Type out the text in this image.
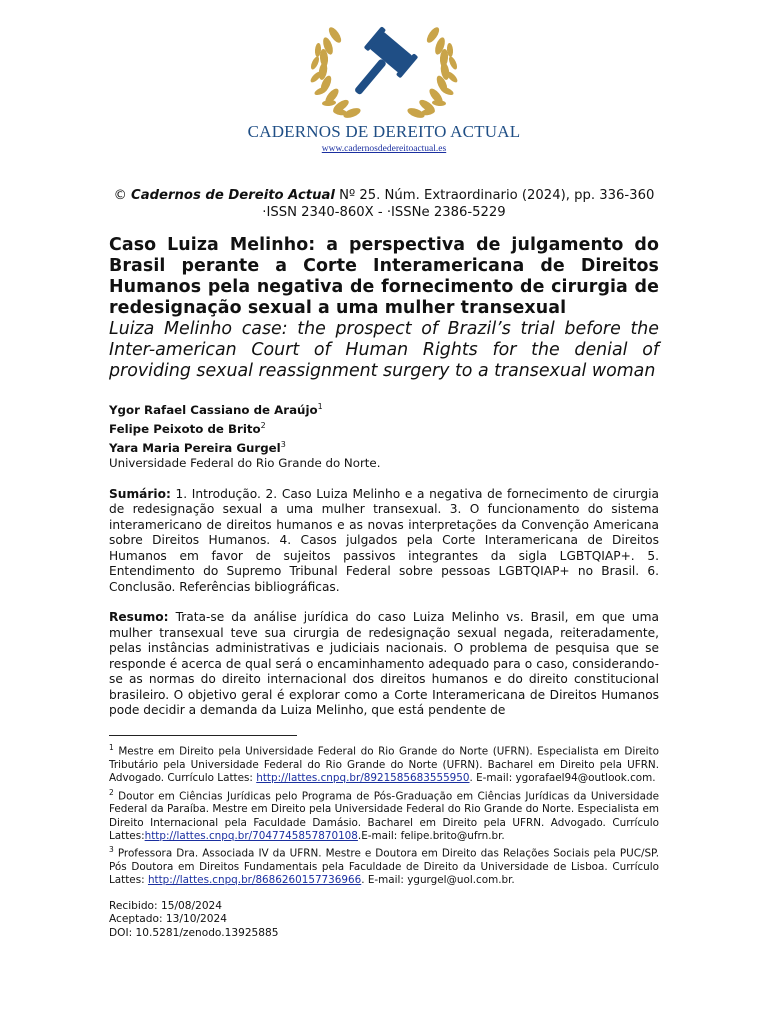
CADERNOS DE DEREITO ACTUAL
www.cadernosdedereitoactual.es
© Cadernos de Dereito Actual Nº 25. Núm. Extraordinario (2024), pp. 336-360
·ISSN 2340-860X - ·ISSNe 2386-5229

Caso Luiza Melinho: a perspectiva de julgamento do Brasil perante a Corte Interamericana de Direitos Humanos pela negativa de fornecimento de cirurgia de redesignação sexual a uma mulher transexual

Luiza Melinho case: the prospect of Brazil’s trial before the Inter-american Court of Human Rights for the denial of providing sexual reassignment surgery to a transexual woman

Ygor Rafael Cassiano de Araújo$^1$
Felipe Peixoto de Brito$^2$
Yara Maria Pereira Gurgel$^3$
Universidade Federal do Rio Grande do Norte.

Sumário: 1. Introdução. 2. Caso Luiza Melinho e a negativa de fornecimento de cirurgia de redesignação sexual a uma mulher transexual. 3. O funcionamento do sistema interamericano de direitos humanos e as novas interpretações da Convenção Americana sobre Direitos Humanos. 4. Casos julgados pela Corte Interamericana de Direitos Humanos em favor de sujeitos passivos integrantes da sigla LGBTQIAP+. 5. Entendimento do Supremo Tribunal Federal sobre pessoas LGBTQIAP+ no Brasil. 6. Conclusão. Referências bibliográficas.

Resumo: Trata-se da análise jurídica do caso Luiza Melinho vs. Brasil, em que uma mulher transexual teve sua cirurgia de redesignação sexual negada, reiteradamente, pelas instâncias administrativas e judiciais nacionais. O problema de pesquisa que se responde é acerca de qual será o encaminhamento adequado para o caso, considerando-se as normas do direito internacional dos direitos humanos e do direito constitucional brasileiro. O objetivo geral é explorar como a Corte Interamericana de Direitos Humanos pode decidir a demanda da Luiza Melinho, que está pendente de

$^1$ Mestre em Direito pela Universidade Federal do Rio Grande do Norte (UFRN). Especialista em Direito Tributário pela Universidade Federal do Rio Grande do Norte (UFRN). Bacharel em Direito pela UFRN. Advogado. Currículo Lattes: http://lattes.cnpq.br/8921585683555950. E-mail: ygorafael94@outlook.com.

$^2$ Doutor em Ciências Jurídicas pelo Programa de Pós-Graduação em Ciências Jurídicas da Universidade Federal da Paraíba. Mestre em Direito pela Universidade Federal do Rio Grande do Norte. Especialista em Direito Internacional pela Faculdade Damásio. Bacharel em Direito pela UFRN. Advogado. Currículo Lattes:http://lattes.cnpq.br/7047745857870108.E-mail: felipe.brito@ufrn.br.

$^3$ Professora Dra. Associada IV da UFRN. Mestre e Doutora em Direito das Relações Sociais pela PUC/SP. Pós Doutora em Direitos Fundamentais pela Faculdade de Direito da Universidade de Lisboa. Currículo Lattes: http://lattes.cnpq.br/8686260157736966. E-mail: ygurgel@uol.com.br.

Recibido: 15/08/2024
Aceptado: 13/10/2024
DOI: 10.5281/zenodo.13925885
